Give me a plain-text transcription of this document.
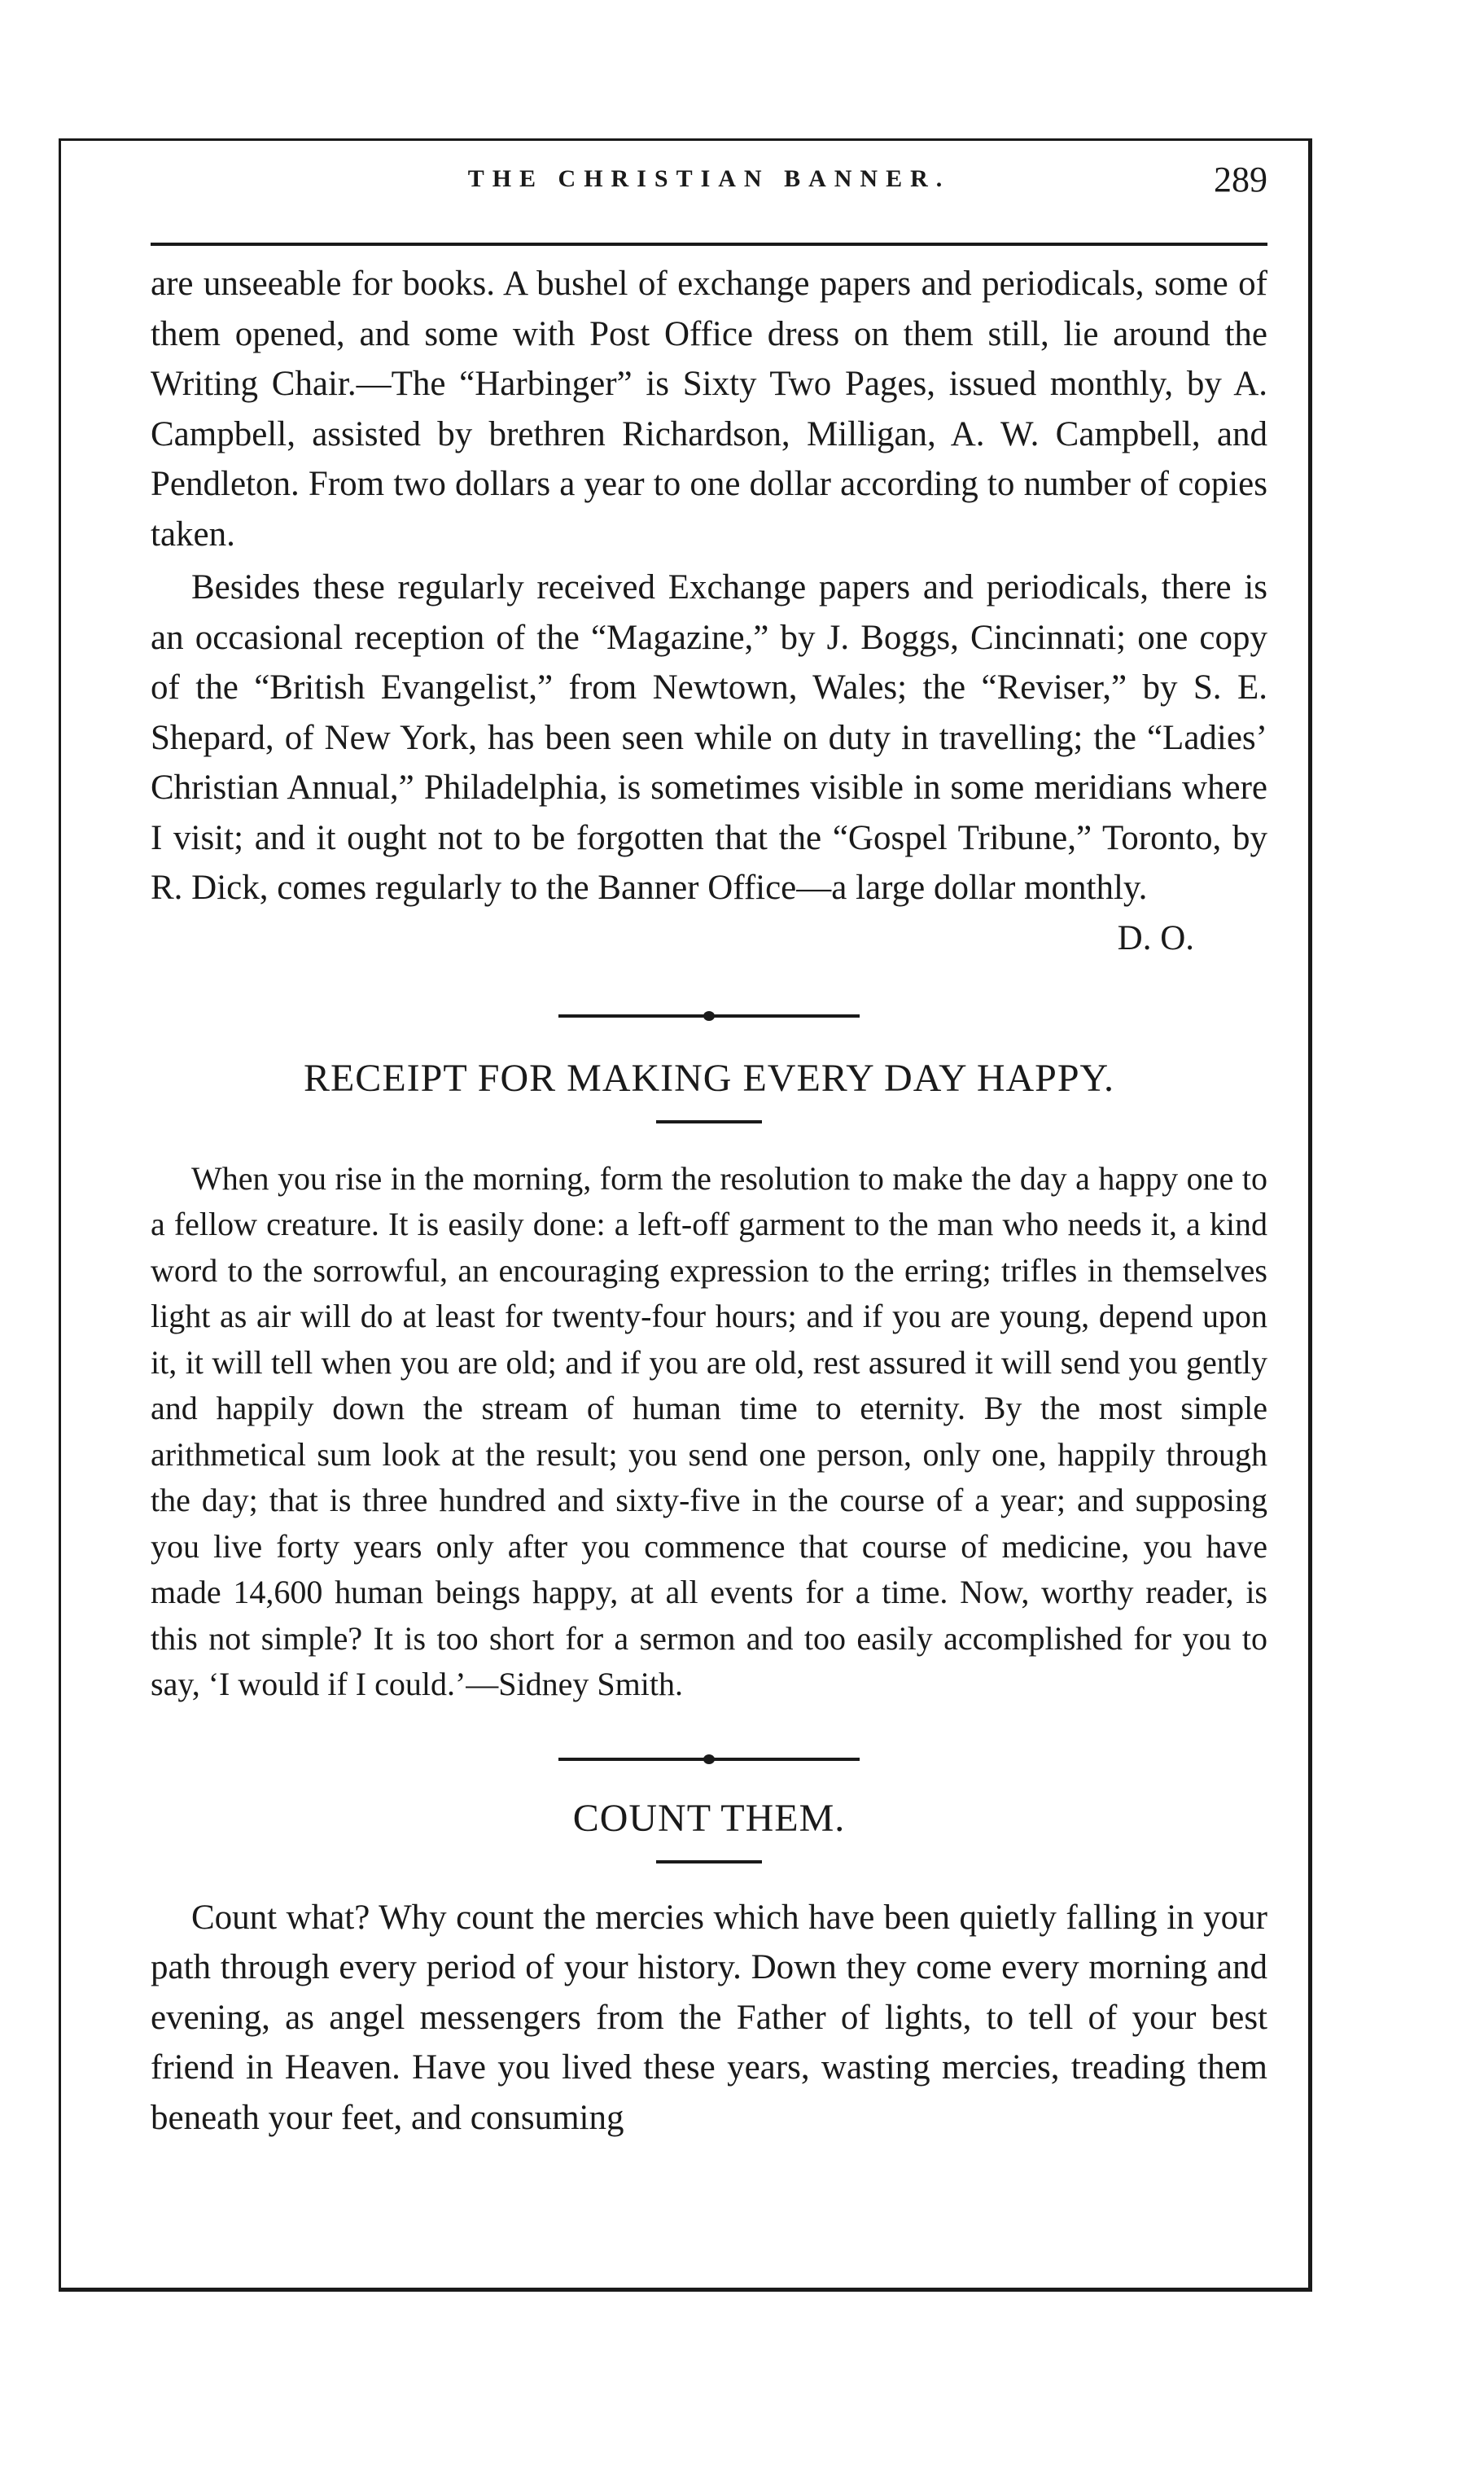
THE CHRISTIAN BANNER.	289

are unseeable for books. A bushel of exchange papers and periodicals, some of them opened, and some with Post Office dress on them still, lie around the Writing Chair.—The “Harbinger” is Sixty Two Pages, issued monthly, by A. Campbell, assisted by brethren Richardson, Milligan, A. W. Campbell, and Pendleton. From two dollars a year to one dollar according to number of copies taken.

Besides these regularly received Exchange papers and periodicals, there is an occasional reception of the “Magazine,” by J. Boggs, Cincinnati; one copy of the “British Evangelist,” from Newtown, Wales; the “Reviser,” by S. E. Shepard, of New York, has been seen while on duty in travelling; the “Ladies’ Christian Annual,” Philadelphia, is sometimes visible in some meridians where I visit; and it ought not to be forgotten that the “Gospel Tribune,” Toronto, by R. Dick, comes regularly to the Banner Office—a large dollar monthly.

D. O.

RECEIPT FOR MAKING EVERY DAY HAPPY.

When you rise in the morning, form the resolution to make the day a happy one to a fellow creature. It is easily done: a left-off garment to the man who needs it, a kind word to the sorrowful, an encouraging expression to the erring; trifles in themselves light as air will do at least for twenty-four hours; and if you are young, depend upon it, it will tell when you are old; and if you are old, rest assured it will send you gently and happily down the stream of human time to eternity. By the most simple arithmetical sum look at the result; you send one person, only one, happily through the day; that is three hundred and sixty-five in the course of a year; and supposing you live forty years only after you commence that course of medicine, you have made 14,600 human beings happy, at all events for a time. Now, worthy reader, is this not simple? It is too short for a sermon and too easily accomplished for you to say, ‘I would if I could.’—Sidney Smith.

COUNT THEM.

Count what? Why count the mercies which have been quietly falling in your path through every period of your history. Down they come every morning and evening, as angel messengers from the Father of lights, to tell of your best friend in Heaven. Have you lived these years, wasting mercies, treading them beneath your feet, and consuming
